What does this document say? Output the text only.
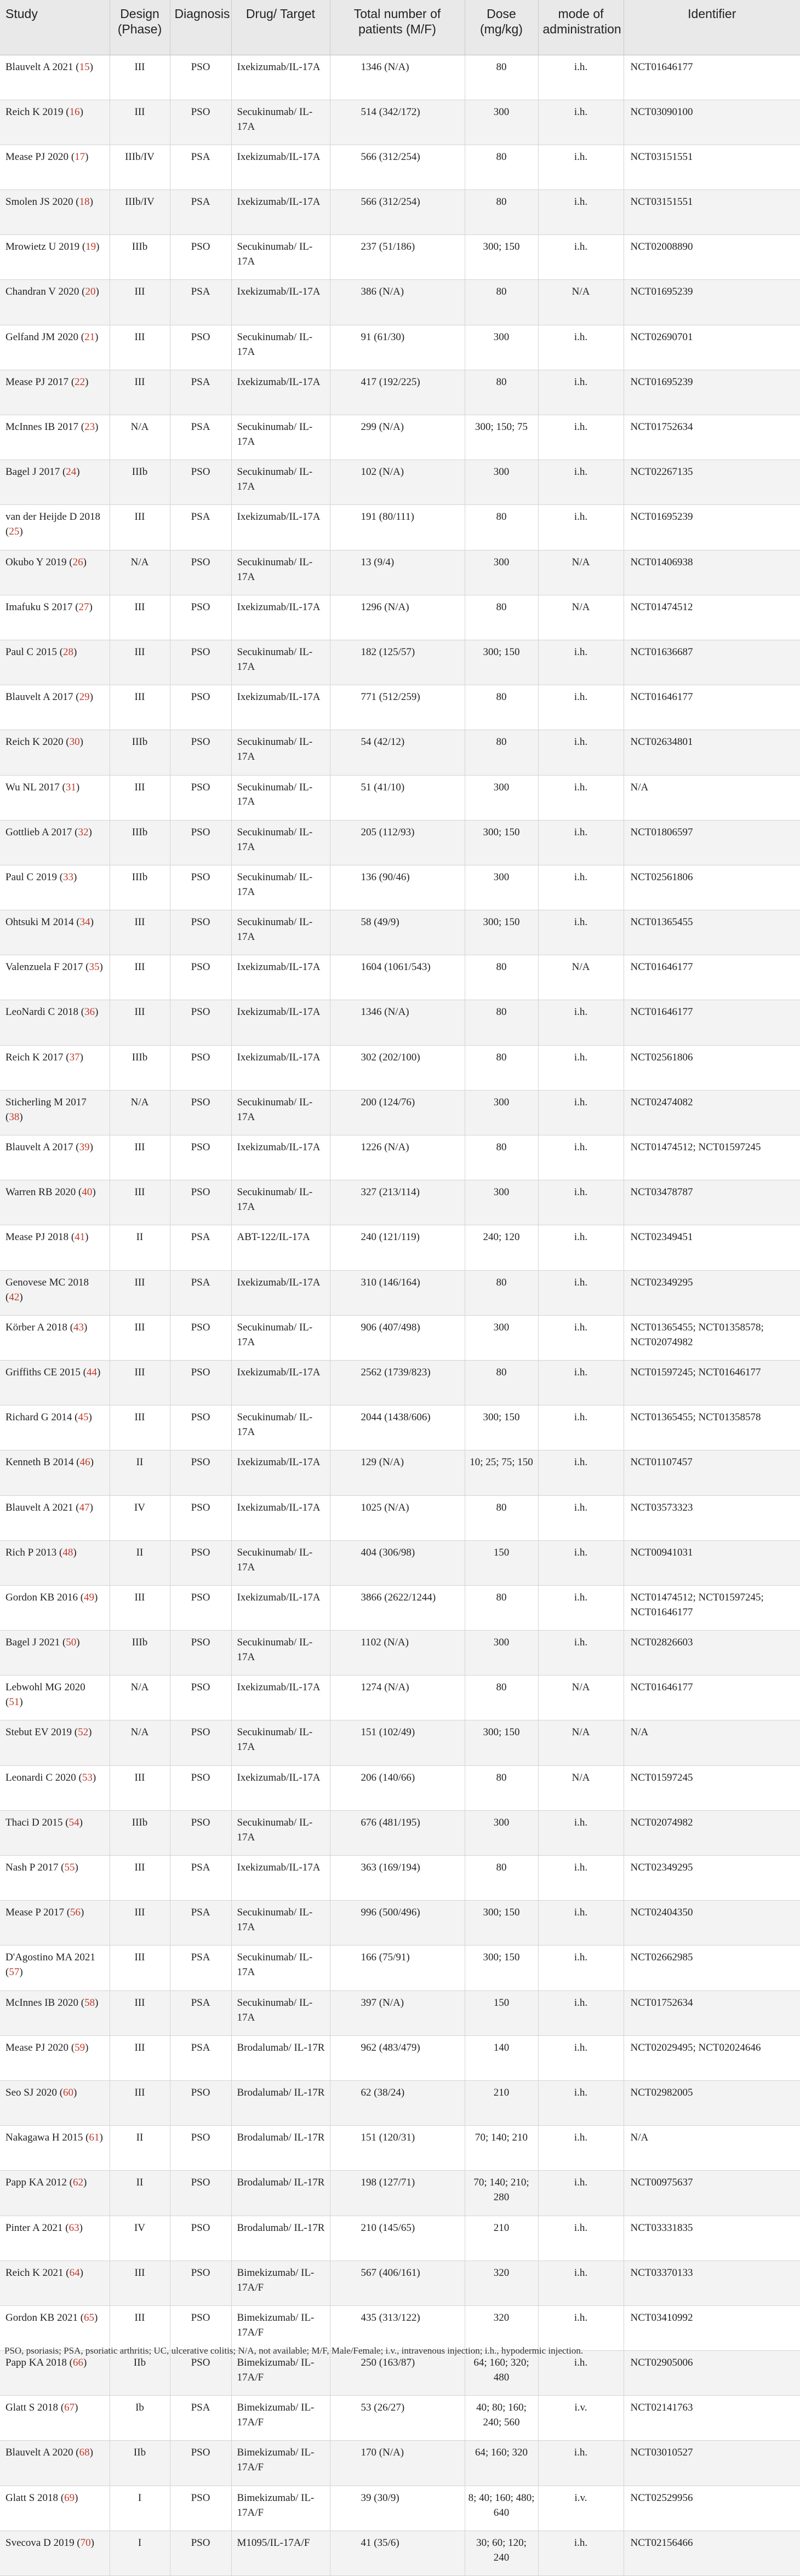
Study	Design (Phase)	Diagnosis	Drug/ Target	Total number of patients (M/F)	Dose (mg/kg)	mode of administration	Identifier
Blauvelt A 2021 (15)	III	PSO	Ixekizumab/IL-17A	1346 (N/A)	80	i.h.	NCT01646177
Reich K 2019 (16)	III	PSO	Secukinumab/ IL-17A	514 (342/172)	300	i.h.	NCT03090100
Mease PJ 2020 (17)	IIIb/IV	PSA	Ixekizumab/IL-17A	566 (312/254)	80	i.h.	NCT03151551
Smolen JS 2020 (18)	IIIb/IV	PSA	Ixekizumab/IL-17A	566 (312/254)	80	i.h.	NCT03151551
Mrowietz U 2019 (19)	IIIb	PSO	Secukinumab/ IL-17A	237 (51/186)	300; 150	i.h.	NCT02008890
Chandran V 2020 (20)	III	PSA	Ixekizumab/IL-17A	386 (N/A)	80	N/A	NCT01695239
Gelfand JM 2020 (21)	III	PSO	Secukinumab/ IL-17A	91 (61/30)	300	i.h.	NCT02690701
Mease PJ 2017 (22)	III	PSA	Ixekizumab/IL-17A	417 (192/225)	80	i.h.	NCT01695239
McInnes IB 2017 (23)	N/A	PSA	Secukinumab/ IL-17A	299 (N/A)	300; 150; 75	i.h.	NCT01752634
Bagel J 2017 (24)	IIIb	PSO	Secukinumab/ IL-17A	102 (N/A)	300	i.h.	NCT02267135
van der Heijde D 2018 (25)	III	PSA	Ixekizumab/IL-17A	191 (80/111)	80	i.h.	NCT01695239
Okubo Y 2019 (26)	N/A	PSO	Secukinumab/ IL-17A	13 (9/4)	300	N/A	NCT01406938
Imafuku S 2017 (27)	III	PSO	Ixekizumab/IL-17A	1296 (N/A)	80	N/A	NCT01474512
Paul C 2015 (28)	III	PSO	Secukinumab/ IL-17A	182 (125/57)	300; 150	i.h.	NCT01636687
Blauvelt A 2017 (29)	III	PSO	Ixekizumab/IL-17A	771 (512/259)	80	i.h.	NCT01646177
Reich K 2020 (30)	IIIb	PSO	Secukinumab/ IL-17A	54 (42/12)	80	i.h.	NCT02634801
Wu NL 2017 (31)	III	PSO	Secukinumab/ IL-17A	51 (41/10)	300	i.h.	N/A
Gottlieb A 2017 (32)	IIIb	PSO	Secukinumab/ IL-17A	205 (112/93)	300; 150	i.h.	NCT01806597
Paul C 2019 (33)	IIIb	PSO	Secukinumab/ IL-17A	136 (90/46)	300	i.h.	NCT02561806
Ohtsuki M 2014 (34)	III	PSO	Secukinumab/ IL-17A	58 (49/9)	300; 150	i.h.	NCT01365455
Valenzuela F 2017 (35)	III	PSO	Ixekizumab/IL-17A	1604 (1061/543)	80	N/A	NCT01646177
LeoNardi C 2018 (36)	III	PSO	Ixekizumab/IL-17A	1346 (N/A)	80	i.h.	NCT01646177
Reich K 2017 (37)	IIIb	PSO	Ixekizumab/IL-17A	302 (202/100)	80	i.h.	NCT02561806
Sticherling M 2017 (38)	N/A	PSO	Secukinumab/ IL-17A	200 (124/76)	300	i.h.	NCT02474082
Blauvelt A 2017 (39)	III	PSO	Ixekizumab/IL-17A	1226 (N/A)	80	i.h.	NCT01474512; NCT01597245
Warren RB 2020 (40)	III	PSO	Secukinumab/ IL-17A	327 (213/114)	300	i.h.	NCT03478787
Mease PJ 2018 (41)	II	PSA	ABT-122/IL-17A	240 (121/119)	240; 120	i.h.	NCT02349451
Genovese MC 2018 (42)	III	PSA	Ixekizumab/IL-17A	310 (146/164)	80	i.h.	NCT02349295
Körber A 2018 (43)	III	PSO	Secukinumab/ IL-17A	906 (407/498)	300	i.h.	NCT01365455; NCT01358578; NCT02074982
Griffiths CE 2015 (44)	III	PSO	Ixekizumab/IL-17A	2562 (1739/823)	80	i.h.	NCT01597245; NCT01646177
Richard G 2014 (45)	III	PSO	Secukinumab/ IL-17A	2044 (1438/606)	300; 150	i.h.	NCT01365455; NCT01358578
Kenneth B 2014 (46)	II	PSO	Ixekizumab/IL-17A	129 (N/A)	10; 25; 75; 150	i.h.	NCT01107457
Blauvelt A 2021 (47)	IV	PSO	Ixekizumab/IL-17A	1025 (N/A)	80	i.h.	NCT03573323
Rich P 2013 (48)	II	PSO	Secukinumab/ IL-17A	404 (306/98)	150	i.h.	NCT00941031
Gordon KB 2016 (49)	III	PSO	Ixekizumab/IL-17A	3866 (2622/1244)	80	i.h.	NCT01474512; NCT01597245; NCT01646177
Bagel J 2021 (50)	IIIb	PSO	Secukinumab/ IL-17A	1102 (N/A)	300	i.h.	NCT02826603
Lebwohl MG 2020 (51)	N/A	PSO	Ixekizumab/IL-17A	1274 (N/A)	80	N/A	NCT01646177
Stebut EV 2019 (52)	N/A	PSO	Secukinumab/ IL-17A	151 (102/49)	300; 150	N/A	N/A
Leonardi C 2020 (53)	III	PSO	Ixekizumab/IL-17A	206 (140/66)	80	N/A	NCT01597245
Thaci D 2015 (54)	IIIb	PSO	Secukinumab/ IL-17A	676 (481/195)	300	i.h.	NCT02074982
Nash P 2017 (55)	III	PSA	Ixekizumab/IL-17A	363 (169/194)	80	i.h.	NCT02349295
Mease P 2017 (56)	III	PSA	Secukinumab/ IL-17A	996 (500/496)	300; 150	i.h.	NCT02404350
D'Agostino MA 2021 (57)	III	PSA	Secukinumab/ IL-17A	166 (75/91)	300; 150	i.h.	NCT02662985
McInnes IB 2020 (58)	III	PSA	Secukinumab/ IL-17A	397 (N/A)	150	i.h.	NCT01752634
Mease PJ 2020 (59)	III	PSA	Brodalumab/ IL-17R	962 (483/479)	140	i.h.	NCT02029495; NCT02024646
Seo SJ 2020 (60)	III	PSO	Brodalumab/ IL-17R	62 (38/24)	210	i.h.	NCT02982005
Nakagawa H 2015 (61)	II	PSO	Brodalumab/ IL-17R	151 (120/31)	70; 140; 210	i.h.	N/A
Papp KA 2012 (62)	II	PSO	Brodalumab/ IL-17R	198 (127/71)	70; 140; 210; 280	i.h.	NCT00975637
Pinter A 2021 (63)	IV	PSO	Brodalumab/ IL-17R	210 (145/65)	210	i.h.	NCT03331835
Reich K 2021 (64)	III	PSO	Bimekizumab/ IL-17A/F	567 (406/161)	320	i.h.	NCT03370133
Gordon KB 2021 (65)	III	PSO	Bimekizumab/ IL-17A/F	435 (313/122)	320	i.h.	NCT03410992
Papp KA 2018 (66)	IIb	PSO	Bimekizumab/ IL-17A/F	250 (163/87)	64; 160; 320; 480	i.h.	NCT02905006
Glatt S 2018 (67)	Ib	PSA	Bimekizumab/ IL-17A/F	53 (26/27)	40; 80; 160; 240; 560	i.v.	NCT02141763
Blauvelt A 2020 (68)	IIb	PSO	Bimekizumab/ IL-17A/F	170 (N/A)	64; 160; 320	i.h.	NCT03010527
Glatt S 2018 (69)	I	PSO	Bimekizumab/ IL-17A/F	39 (30/9)	8; 40; 160; 480; 640	i.v.	NCT02529956
Svecova D 2019 (70)	I	PSO	M1095/IL-17A/F	41 (35/6)	30; 60; 120; 240	i.h.	NCT02156466
PSO, psoriasis; PSA, psoriatic arthritis; UC, ulcerative colitis; N/A, not available; M/F, Male/Female; i.v., intravenous injection; i.h., hypodermic injection.
